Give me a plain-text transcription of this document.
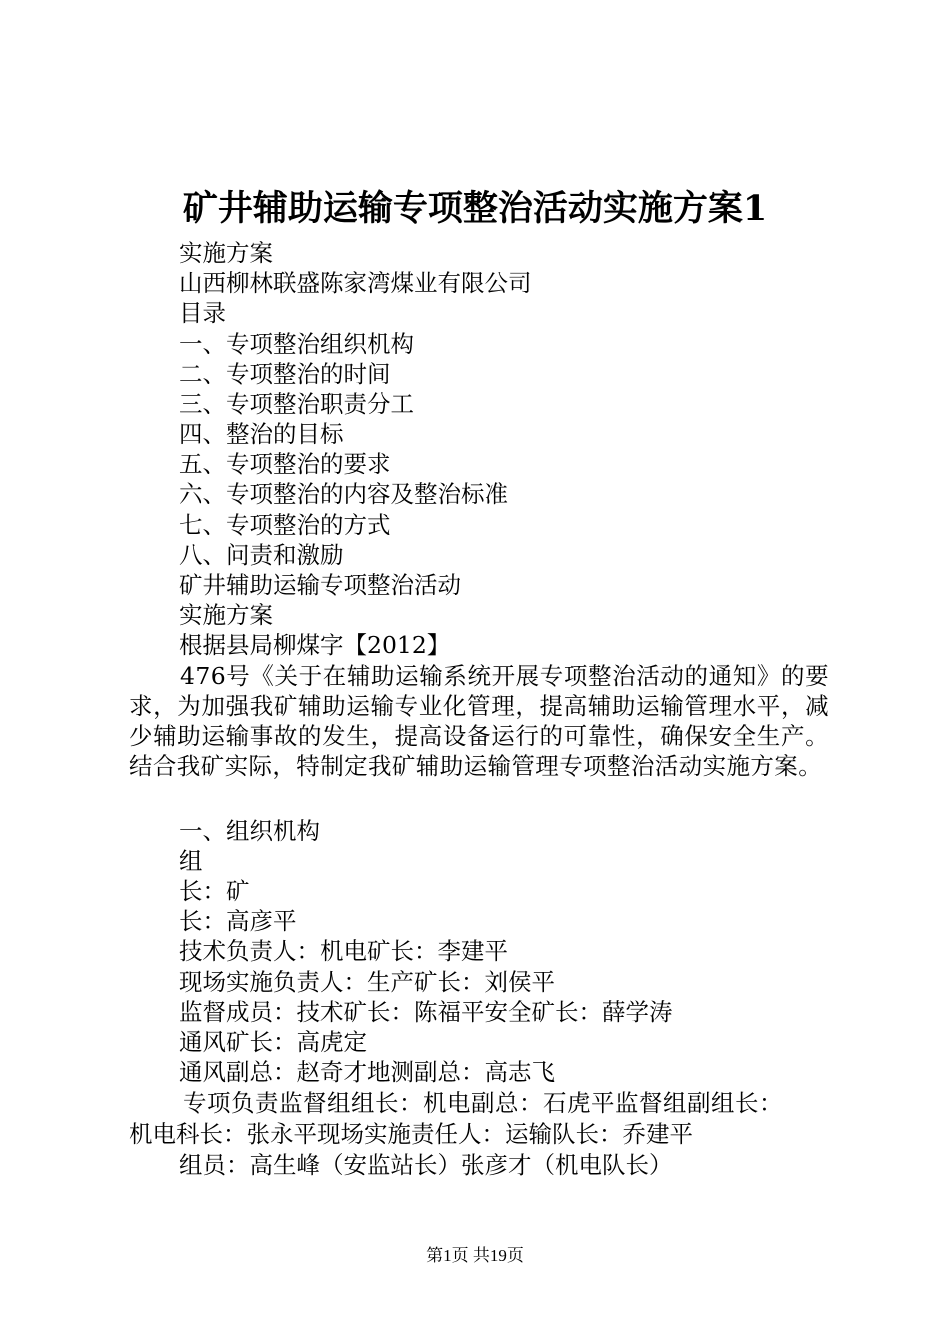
矿井辅助运输专项整治活动实施方案1
实施方案
山西柳林联盛陈家湾煤业有限公司
目录
一、专项整治组织机构
二、专项整治的时间
三、专项整治职责分工
四、整治的目标
五、专项整治的要求
六、专项整治的内容及整治标准
七、专项整治的方式
八、问责和激励
矿井辅助运输专项整治活动
实施方案
根据县局柳煤字【2012】
476号《关于在辅助运输系统开展专项整治活动的通知》的要求，为加强我矿辅助运输专业化管理，提高辅助运输管理水平，减少辅助运输事故的发生，提高设备运行的可靠性，确保安全生产。结合我矿实际，特制定我矿辅助运输管理专项整治活动实施方案。
一、组织机构
组
长：矿
长：高彦平
技术负责人：机电矿长：李建平
现场实施负责人：生产矿长：刘侯平
监督成员：技术矿长：陈福平安全矿长：薛学涛
通风矿长：高虎定
通风副总：赵奇才地测副总：高志飞
专项负责监督组组长：机电副总：石虎平监督组副组长：
机电科长：张永平现场实施责任人：运输队长：乔建平
组员：高生峰（安监站长）张彦才（机电队长）
第1页 共19页
